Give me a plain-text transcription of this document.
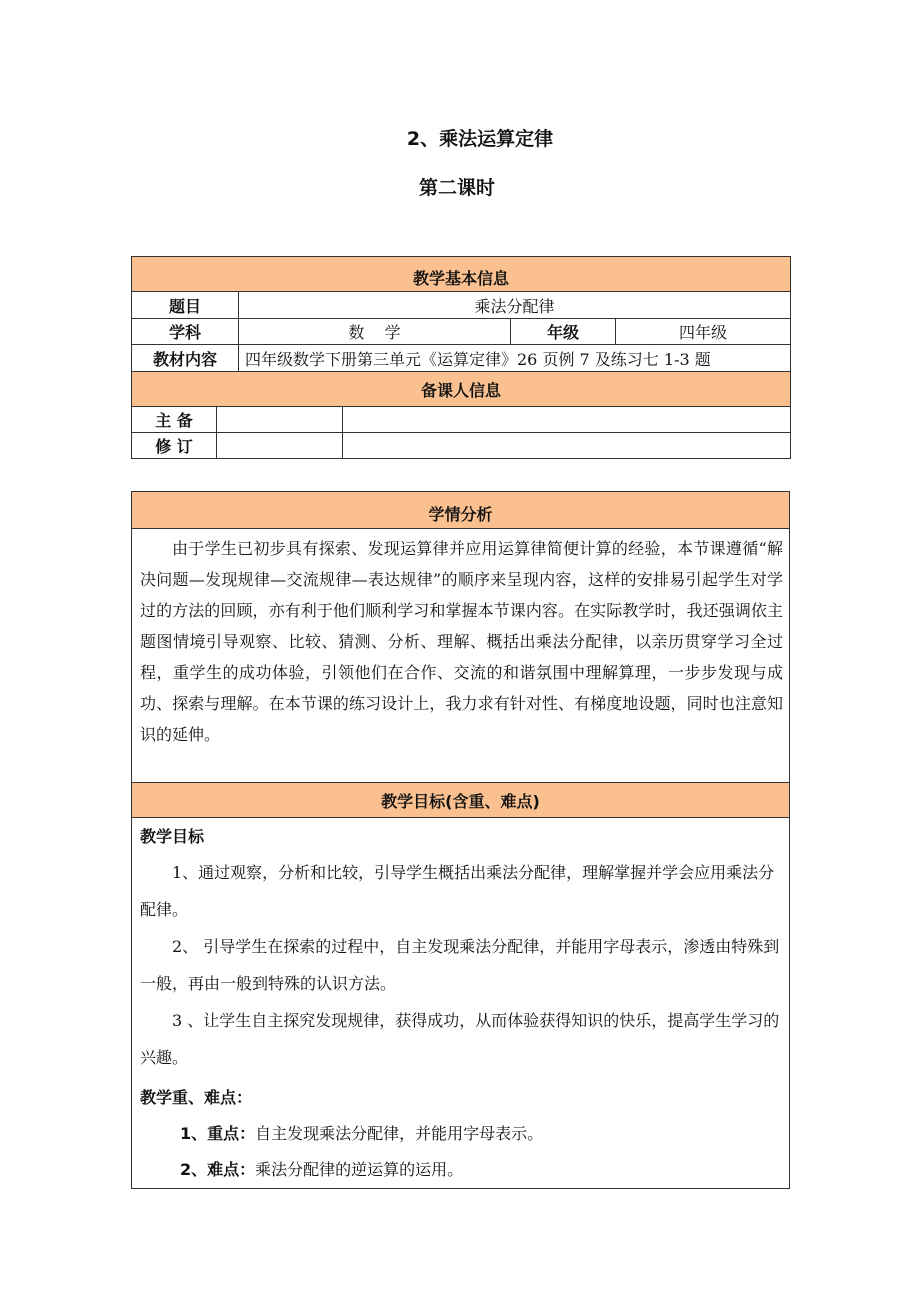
2、乘法运算定律
第二课时
教学基本信息					
题目		乘法分配律			
学科		数    学		年级	四年级
教材内容		四年级数学下册第三单元《运算定律》26 页例 7 及练习七 1-3 题			
备课人信息					
主 备					
修 订					
学情分析

由于学生已初步具有探索、发现运算律并应用运算律简便计算的经验，本节课遵循“解决问题—发现规律—交流规律—表达规律”的顺序来呈现内容，这样的安排易引起学生对学过的方法的回顾，亦有利于他们顺利学习和掌握本节课内容。在实际教学时，我还强调依主题图情境引导观察、比较、猜测、分析、理解、概括出乘法分配律，以亲历贯穿学习全过程，重学生的成功体验，引领他们在合作、交流的和谐氛围中理解算理，一步步发现与成功、探索与理解。在本节课的练习设计上，我力求有针对性、有梯度地设题，同时也注意知识的延伸。

教学目标(含重、难点)

教学目标

1、通过观察，分析和比较，引导学生概括出乘法分配律，理解掌握并学会应用乘法分配律。

2、 引导学生在探索的过程中，自主发现乘法分配律，并能用字母表示，渗透由特殊到一般，再由一般到特殊的认识方法。

3 、让学生自主探究发现规律，获得成功，从而体验获得知识的快乐，提高学生学习的兴趣。

教学重、难点：

1、重点：自主发现乘法分配律，并能用字母表示。

2、难点：乘法分配律的逆运算的运用。
